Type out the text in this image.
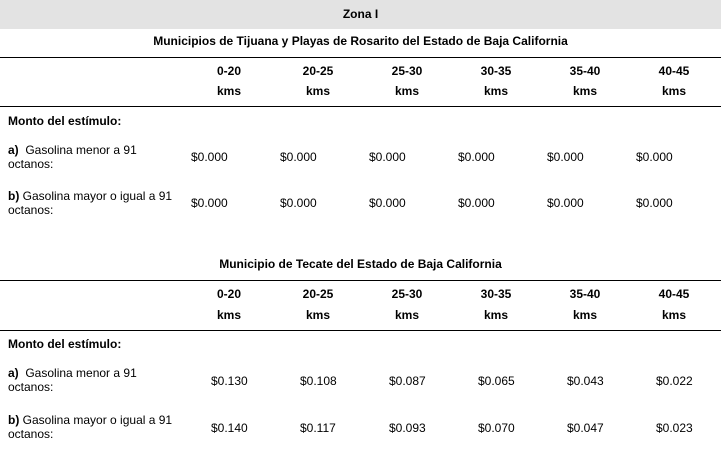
Zona I
Municipios de Tijuana y Playas de Rosarito del Estado de Baja California
0-20	20-25	25-30	30-35	35-40	40-45
kms	kms	kms	kms	kms	kms
Monto del estímulo:
a) Gasolina menor a 91
octanos:	$0.000	$0.000	$0.000	$0.000	$0.000	$0.000
b) Gasolina mayor o igual a 91
octanos:	$0.000	$0.000	$0.000	$0.000	$0.000	$0.000
Municipio de Tecate del Estado de Baja California
0-20	20-25	25-30	30-35	35-40	40-45
kms	kms	kms	kms	kms	kms
Monto del estímulo:
a) Gasolina menor a 91
octanos:	$0.130	$0.108	$0.087	$0.065	$0.043	$0.022
b) Gasolina mayor o igual a 91
octanos:	$0.140	$0.117	$0.093	$0.070	$0.047	$0.023
